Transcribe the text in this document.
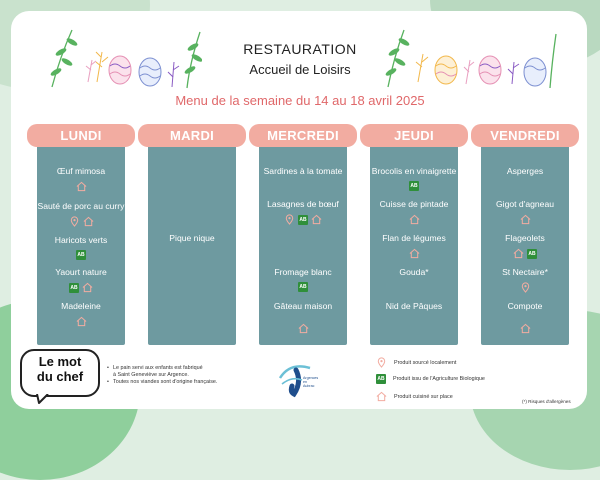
RESTAURATION
Accueil de Loisirs
Menu de la semaine du 14 au 18 avril 2025
LUNDI
Œuf mimosa
Sauté de porc au curry
Haricots verts
AB
Yaourt nature
AB
Madeleine
MARDI
Pique nique
MERCREDI
Sardines à la tomate
Lasagnes de bœuf
AB
Fromage blanc
AB
Gâteau maison
JEUDI
Brocolis en vinaigrette
AB
Cuisse de pintade
Flan de légumes
Gouda*
Nid de Pâques
VENDREDI
Asperges
Gigot d'agneau
Flageolets
AB
St Nectaire*
Compote
Le mot
du chef
• Le pain servi aux enfants est fabriqué
à Saint Geneviève sur Argence.
• Toutes nos viandes sont d'origine française.
Argences
en
Aubrac
Produit sourcé localement
AB
Produit issu de l'Agriculture Biologique
Produit cuisiné sur place
(*) Risques d'allergènes
